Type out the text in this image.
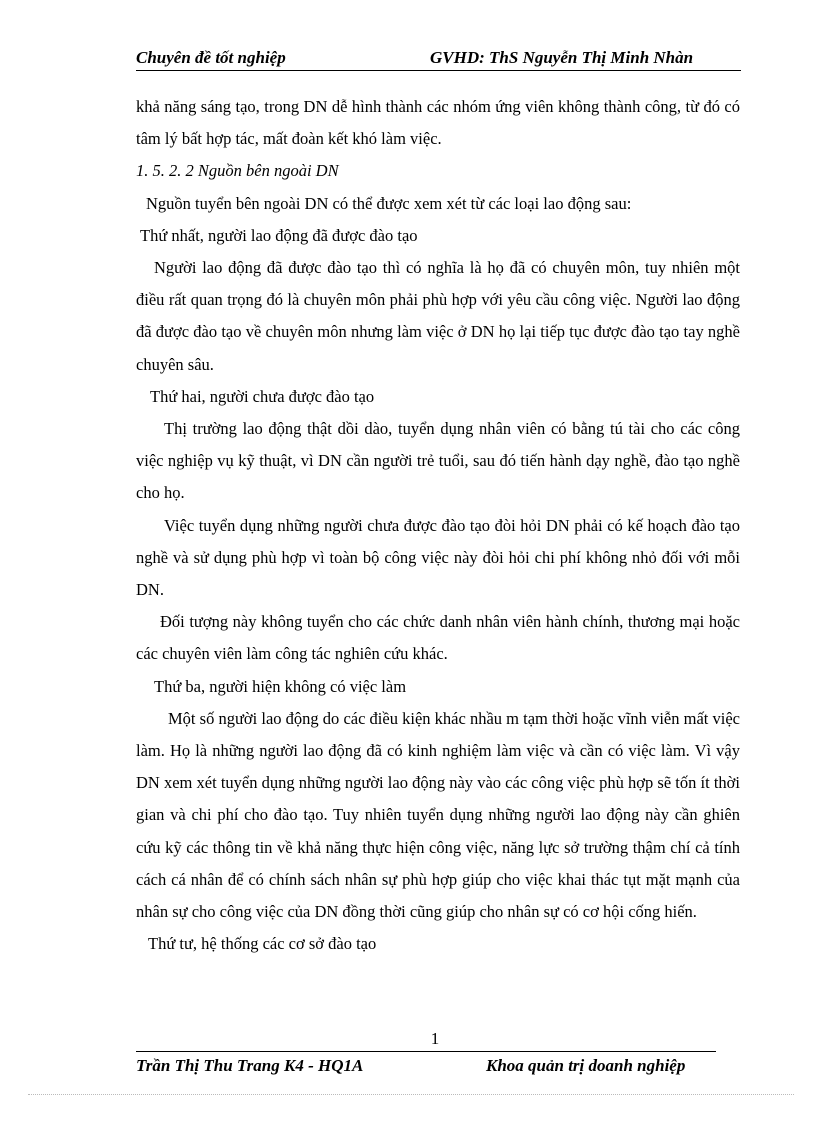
Chuyên đề tốt nghiệp	GVHD: ThS Nguyễn Thị Minh Nhàn

khả năng sáng tạo, trong DN dễ hình thành các nhóm ứng viên không thành công, từ đó có tâm lý bất hợp tác, mất đoàn kết khó làm việc.

1. 5. 2. 2 Nguồn bên ngoài DN

Nguồn tuyển bên ngoài DN có thể được xem xét từ các loại lao động sau:

Thứ nhất, người lao động đã được đào tạo

Người lao động đã được đào tạo thì có nghĩa là họ đã có chuyên môn, tuy nhiên một điều rất quan trọng đó là chuyên môn phải phù hợp với yêu cầu công việc. Người lao động đã được đào tạo về chuyên môn nhưng làm việc ở DN họ lại tiếp tục được đào tạo tay nghề chuyên sâu.

Thứ hai, người chưa được đào tạo

Thị trường lao động thật dồi dào, tuyển dụng nhân viên có bằng tú tài cho các công việc nghiệp vụ kỹ thuật, vì DN cần người trẻ tuổi, sau đó tiến hành dạy nghề, đào tạo nghề cho họ.

Việc tuyển dụng những người chưa được đào tạo đòi hỏi DN phải có kế hoạch đào tạo nghề và sử dụng phù hợp vì toàn bộ công việc này đòi hỏi chi phí không nhỏ đối với mỗi DN.

Đối tượng này không tuyển cho các chức danh nhân viên hành chính, thương mại hoặc các chuyên viên làm công tác nghiên cứu khác.

Thứ ba, người hiện không có việc làm

Một số người lao động do các điều kiện khác nhầu m tạm thời hoặc vĩnh viễn mất việc làm. Họ là những người lao động đã có kinh nghiệm làm việc và cần có việc làm. Vì vậy DN xem xét tuyển dụng những người lao động này vào các công việc phù hợp sẽ tốn ít thời gian và chi phí cho đào tạo. Tuy nhiên tuyển dụng những người lao động này cần ghiên cứu kỹ các thông tin về khả năng thực hiện công việc, năng lực sở trường thậm chí cả tính cách cá nhân để có chính sách nhân sự phù hợp giúp cho việc khai thác tụt mặt mạnh của nhân sự cho công việc của DN đồng thời cũng giúp cho nhân sự có cơ hội cống hiến.

Thứ tư, hệ thống các cơ sở đào tạo

1
Trần Thị Thu Trang K4 - HQ1A	Khoa quản trị doanh nghiệp
